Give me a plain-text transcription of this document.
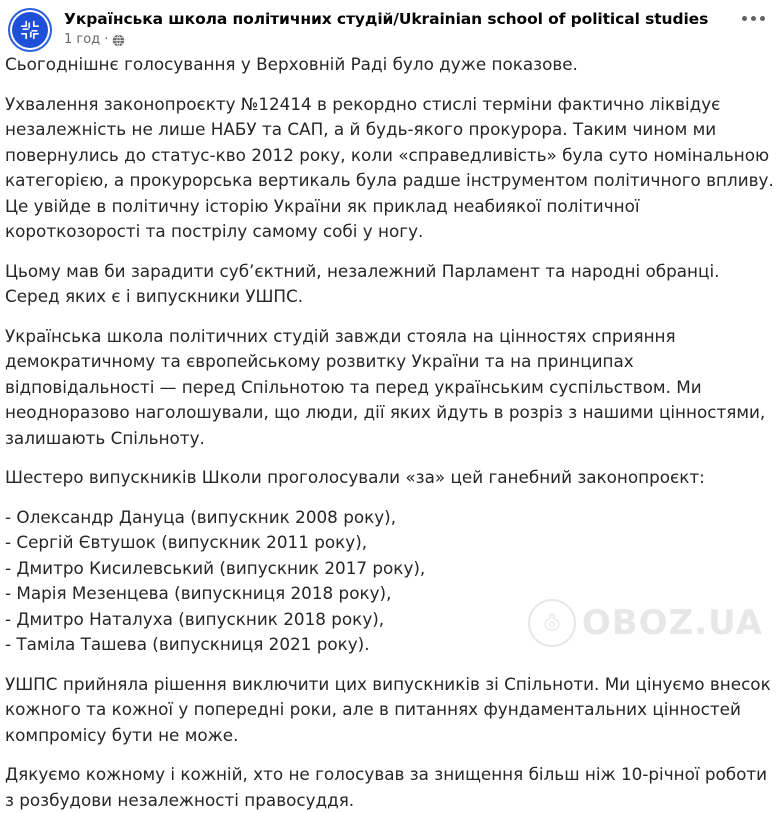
Українська школа політичних студій/Ukrainian school of political studies
1 год ·

Сьогоднішнє голосування у Верховній Раді було дуже показове.

Ухвалення законопроєкту №12414 в рекордно стислі терміни фактично ліквідує незалежність не лише НАБУ та САП, а й будь-якого прокурора. Таким чином ми повернулись до статус-кво 2012 року, коли «справедливість» була суто номінальною категорією, а прокурорська вертикаль була радше інструментом політичного впливу. Це увійде в політичну історію України як приклад неабиякої політичної короткозорості та пострілу самому собі у ногу.

Цьому мав би зарадити суб’єктний, незалежний Парламент та народні обранці. Серед яких є і випускники УШПС.

Українська школа політичних студій завжди стояла на цінностях сприяння демократичному та європейському розвитку України та на принципах відповідальності — перед Спільнотою та перед українським суспільством. Ми неодноразово наголошували, що люди, дії яких йдуть в розріз з нашими цінностями, залишають Спільноту.

Шестеро випускників Школи проголосували «за» цей ганебний законопроєкт:

- Олександр Дануца (випускник 2008 року),

- Сергій Євтушок (випускник 2011 року),

- Дмитро Кисилевський (випускник 2017 року),

- Марія Мезенцева (випускниця 2018 року),

- Дмитро Наталуха (випускник 2018 року),

- Таміла Ташева (випускниця 2021 року).

УШПС прийняла рішення виключити цих випускників зі Спільноти. Ми цінуємо внесок кожного та кожної у попередні роки, але в питаннях фундаментальних цінностей компромісу бути не може.

Дякуємо кожному і кожній, хто не голосував за знищення більш ніж 10-річної роботи з розбудови незалежності правосуддя.

OBOZ.UA
